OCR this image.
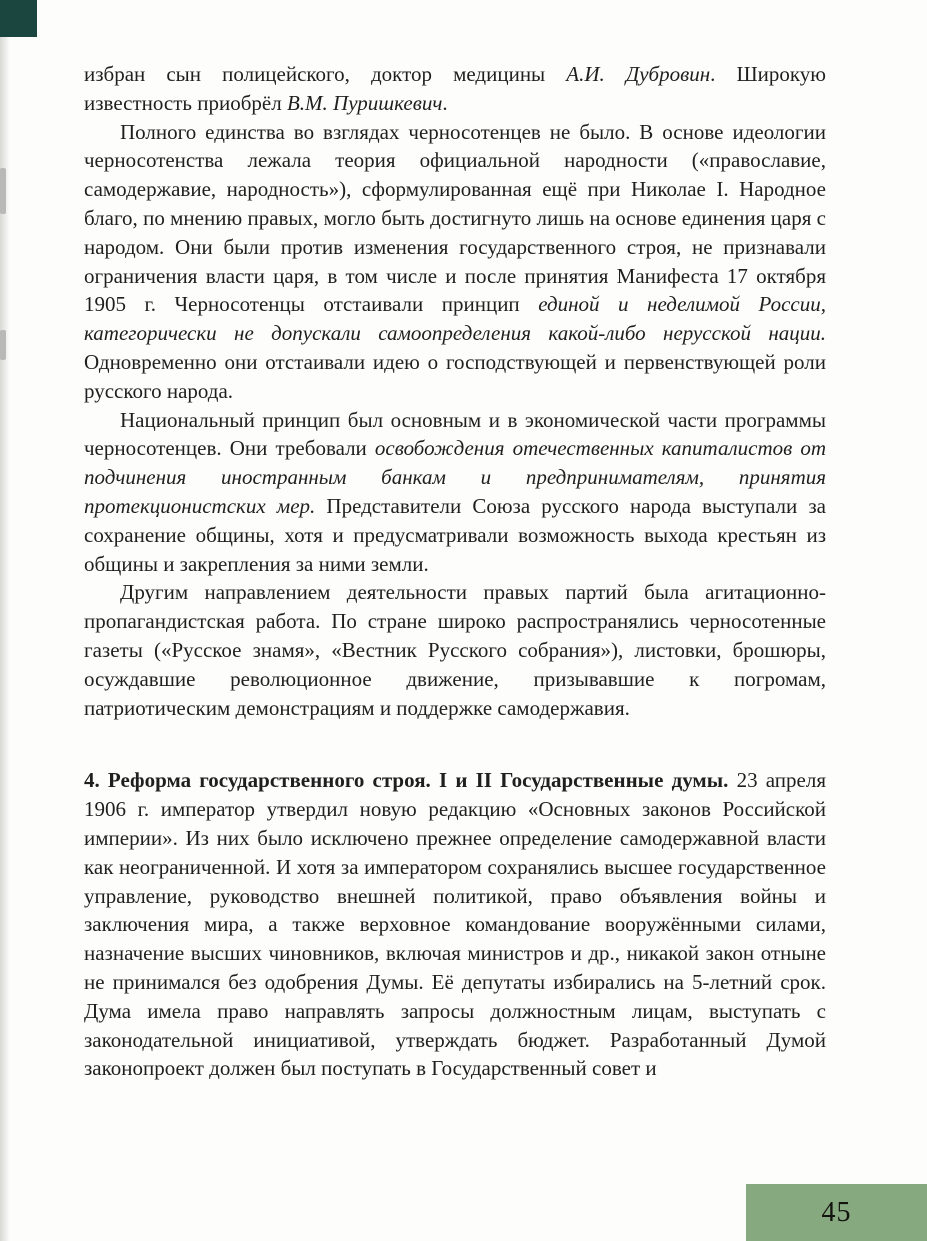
избран сын полицейского, доктор медицины А.И. Дубровин. Широкую известность приобрёл В.М. Пуришкевич.

Полного единства во взглядах черносотенцев не было. В основе идеологии черносотенства лежала теория официальной народности («православие, самодержавие, народность»), сформулированная ещё при Николае I. Народное благо, по мнению правых, могло быть достигнуто лишь на основе единения царя с народом. Они были против изменения государственного строя, не признавали ограничения власти царя, в том числе и после принятия Манифеста 17 октября 1905 г. Черносотенцы отстаивали принцип единой и неделимой России, категорически не допускали самоопределения какой-либо нерусской нации. Одновременно они отстаивали идею о господствующей и первенствующей роли русского народа.

Национальный принцип был основным и в экономической части программы черносотенцев. Они требовали освобождения отечественных капиталистов от подчинения иностранным банкам и предпринимателям, принятия протекционистских мер. Представители Союза русского народа выступали за сохранение общины, хотя и предусматривали возможность выхода крестьян из общины и закрепления за ними земли.

Другим направлением деятельности правых партий была агитационно-пропагандистская работа. По стране широко распространялись черносотенные газеты («Русское знамя», «Вестник Русского собрания»), листовки, брошюры, осуждавшие революционное движение, призывавшие к погромам, патриотическим демонстрациям и поддержке самодержавия.

4. Реформа государственного строя. I и II Государственные думы. 23 апреля 1906 г. император утвердил новую редакцию «Основных законов Российской империи». Из них было исключено прежнее определение самодержавной власти как неограниченной. И хотя за императором сохранялись высшее государственное управление, руководство внешней политикой, право объявления войны и заключения мира, а также верховное командование вооружёнными силами, назначение высших чиновников, включая министров и др., никакой закон отныне не принимался без одобрения Думы. Её депутаты избирались на 5-летний срок. Дума имела право направлять запросы должностным лицам, выступать с законодательной инициативой, утверждать бюджет. Разработанный Думой законопроект должен был поступать в Государственный совет и

45
